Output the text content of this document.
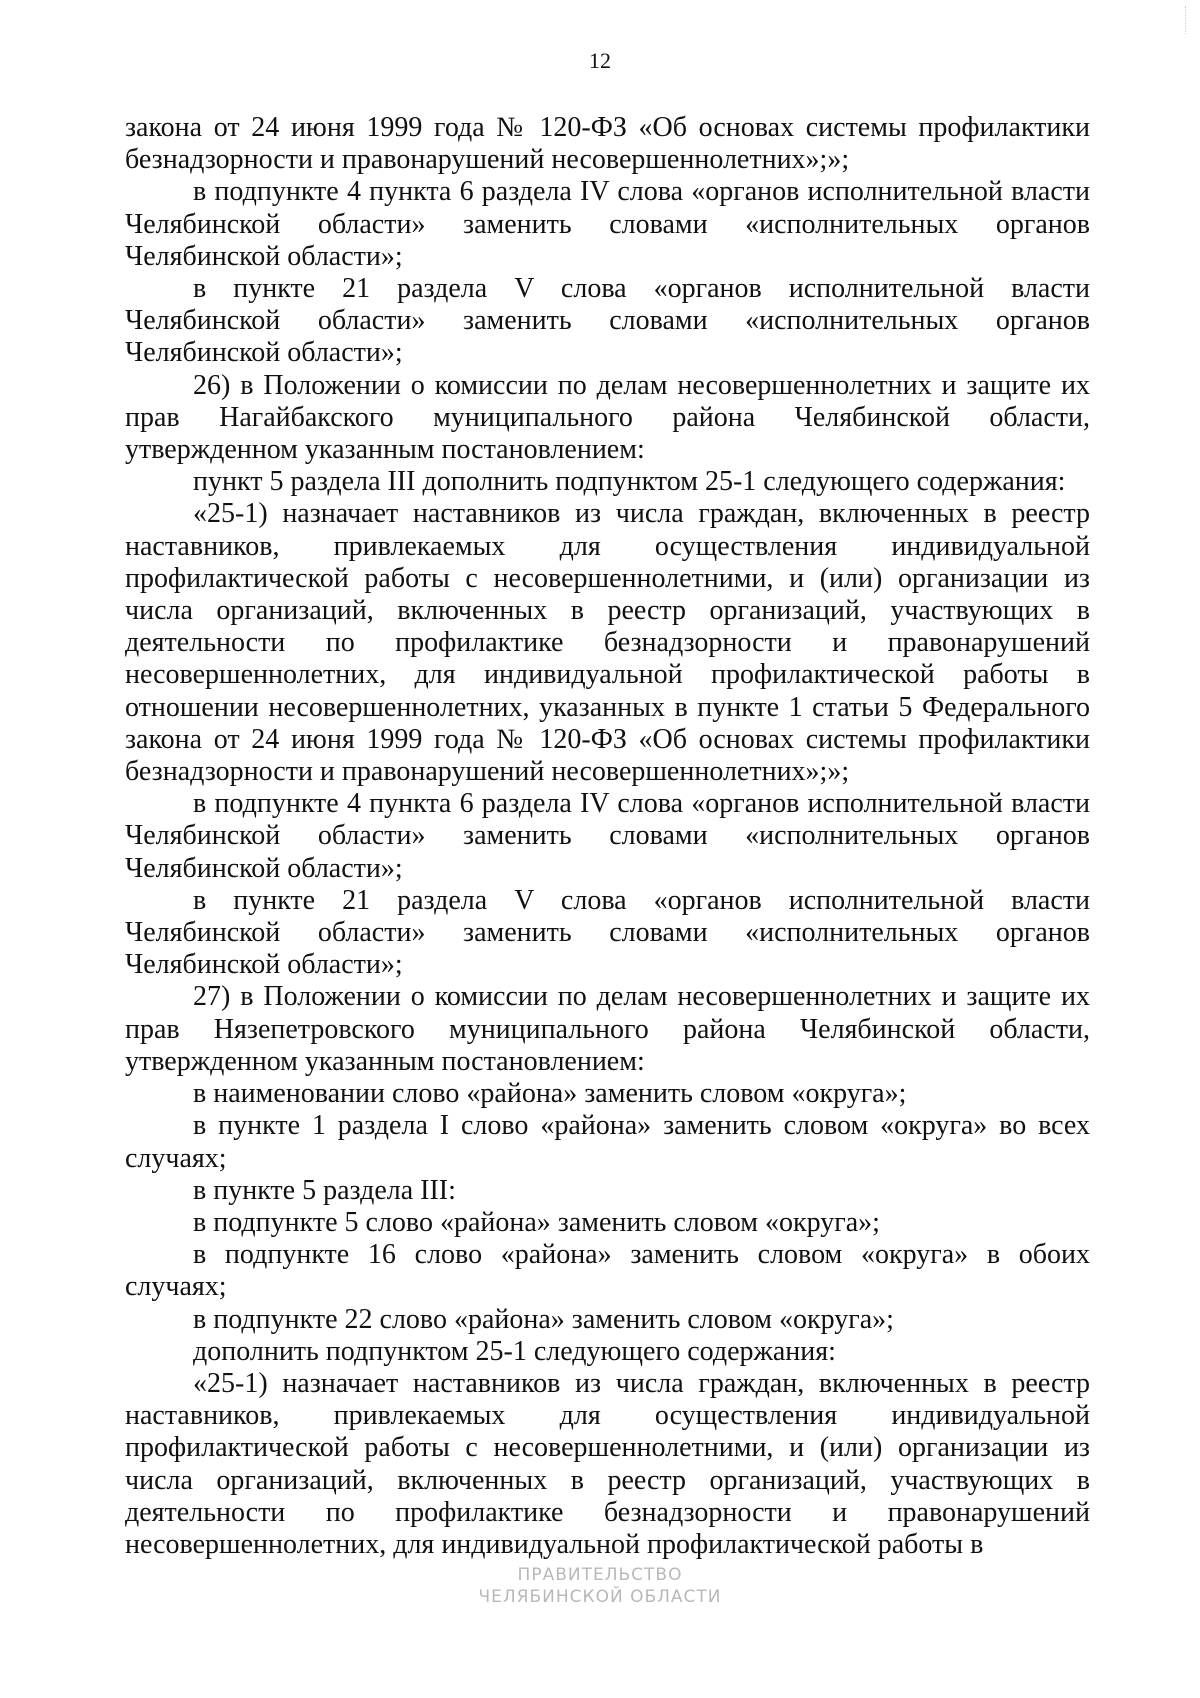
12

закона от 24 июня 1999 года № 120-ФЗ «Об основах системы профилактики безнадзорности и правонарушений несовершеннолетних»;»;

в подпункте 4 пункта 6 раздела IV слова «органов исполнительной власти Челябинской области» заменить словами «исполнительных органов Челябинской области»;

в пункте 21 раздела V слова «органов исполнительной власти Челябинской области» заменить словами «исполнительных органов Челябинской области»;

26) в Положении о комиссии по делам несовершеннолетних и защите их прав Нагайбакского муниципального района Челябинской области, утвержденном указанным постановлением:

пункт 5 раздела III дополнить подпунктом 25-1 следующего содержания:

«25-1) назначает наставников из числа граждан, включенных в реестр наставников, привлекаемых для осуществления индивидуальной профилактической работы с несовершеннолетними, и (или) организации из числа организаций, включенных в реестр организаций, участвующих в деятельности по профилактике безнадзорности и правонарушений несовершеннолетних, для индивидуальной профилактической работы в отношении несовершеннолетних, указанных в пункте 1 статьи 5 Федерального закона от 24 июня 1999 года № 120-ФЗ «Об основах системы профилактики безнадзорности и правонарушений несовершеннолетних»;»;

в подпункте 4 пункта 6 раздела IV слова «органов исполнительной власти Челябинской области» заменить словами «исполнительных органов Челябинской области»;

в пункте 21 раздела V слова «органов исполнительной власти Челябинской области» заменить словами «исполнительных органов Челябинской области»;

27) в Положении о комиссии по делам несовершеннолетних и защите их прав Нязепетровского муниципального района Челябинской области, утвержденном указанным постановлением:

в наименовании слово «района» заменить словом «округа»;

в пункте 1 раздела I слово «района» заменить словом «округа» во всех случаях;

в пункте 5 раздела III:

в подпункте 5 слово «района» заменить словом «округа»;

в подпункте 16 слово «района» заменить словом «округа» в обоих случаях;

в подпункте 22 слово «района» заменить словом «округа»;

дополнить подпунктом 25-1 следующего содержания:

«25-1) назначает наставников из числа граждан, включенных в реестр наставников, привлекаемых для осуществления индивидуальной профилактической работы с несовершеннолетними, и (или) организации из числа организаций, включенных в реестр организаций, участвующих в деятельности по профилактике безнадзорности и правонарушений несовершеннолетних, для индивидуальной профилактической работы в

ПРАВИТЕЛЬСТВО
ЧЕЛЯБИНСКОЙ ОБЛАСТИ
